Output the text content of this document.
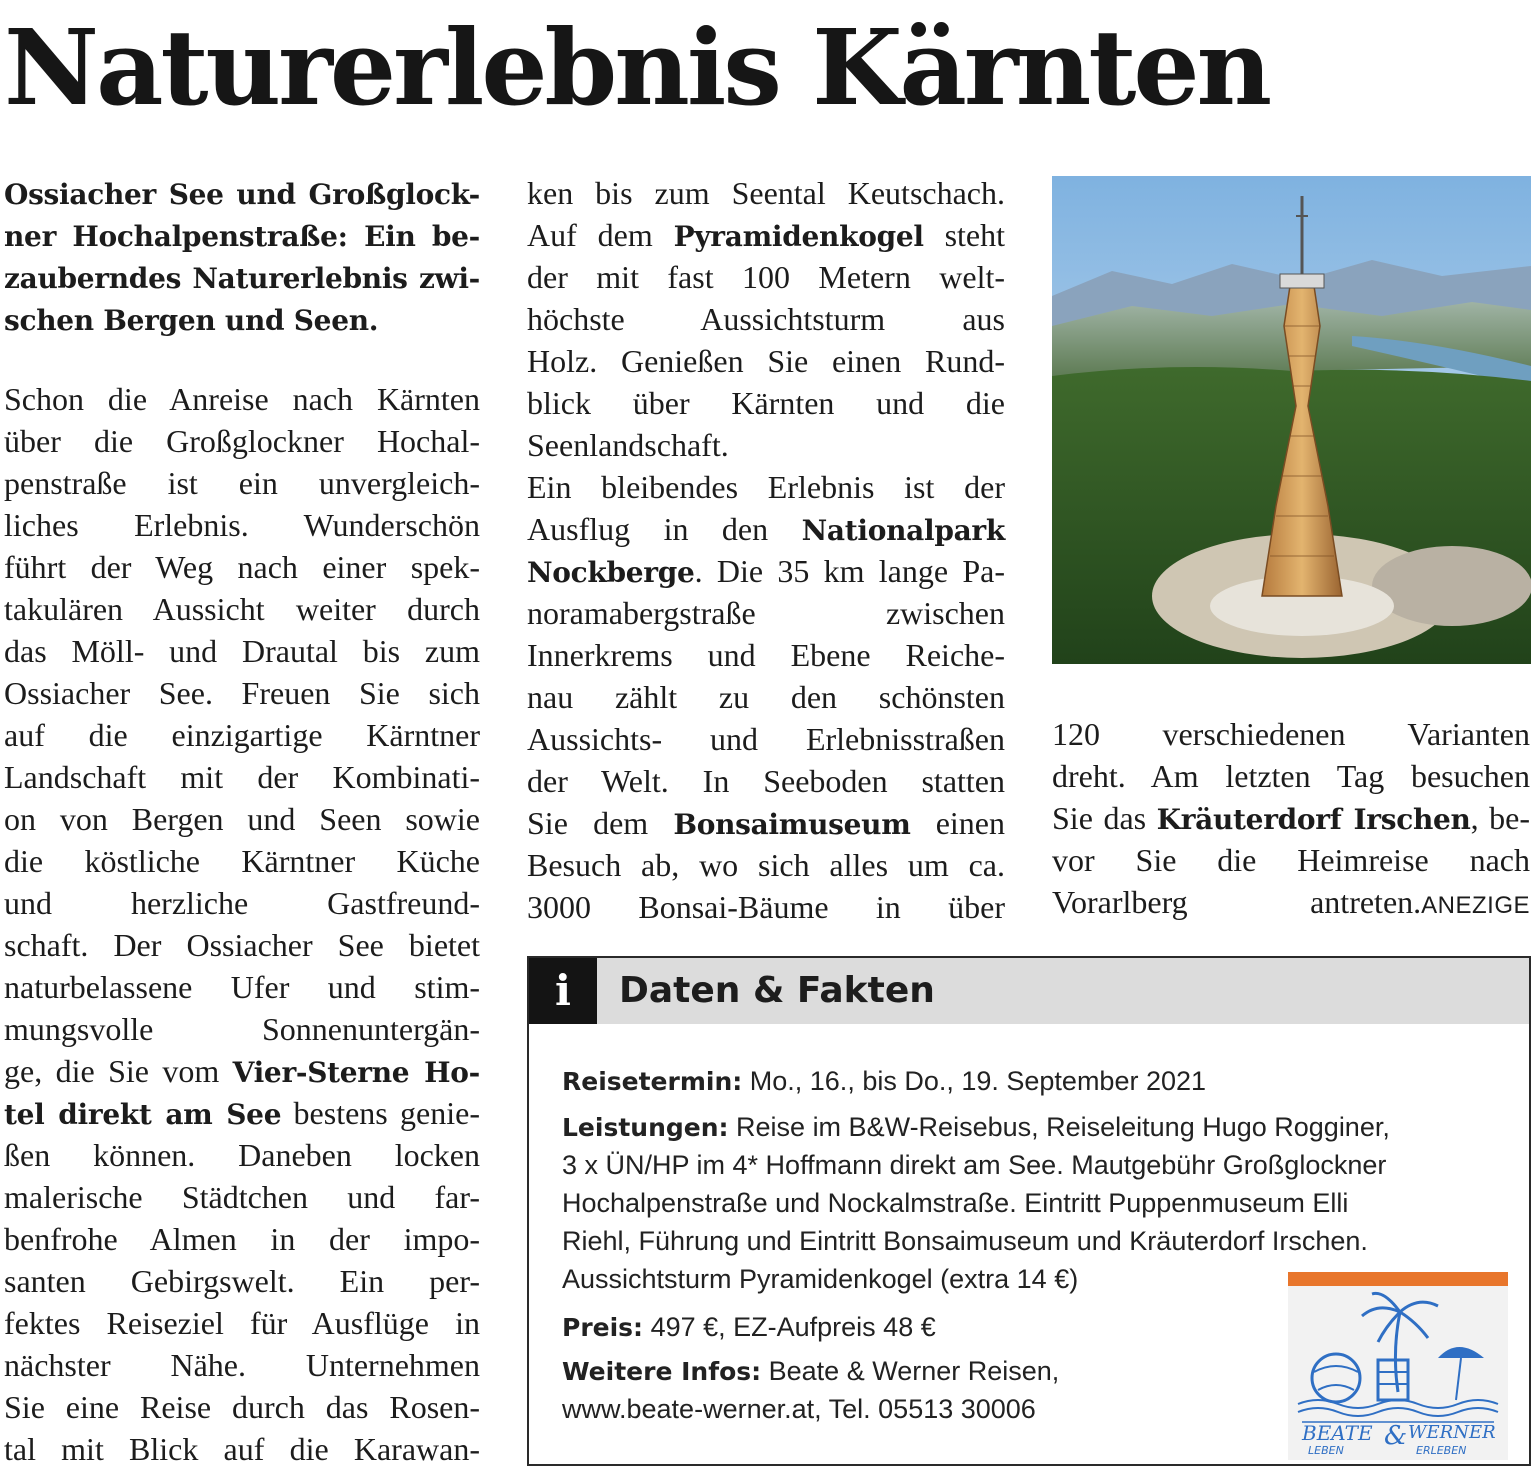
Naturerlebnis Kärnten
Ossiacher See und Großglock-
ner Hochalpenstraße: Ein be-
zauberndes Naturerlebnis zwi-
schen Bergen und Seen.
Schon die Anreise nach Kärnten
über die Großglockner Hochal-
penstraße ist ein unvergleich-
liches Erlebnis. Wunderschön
führt der Weg nach einer spek-
takulären Aussicht weiter durch
das Möll- und Drautal bis zum
Ossiacher See. Freuen Sie sich
auf die einzigartige Kärntner
Landschaft mit der Kombinati-
on von Bergen und Seen sowie
die köstliche Kärntner Küche
und herzliche Gastfreund-
schaft. Der Ossiacher See bietet
naturbelassene Ufer und stim-
mungsvolle Sonnenuntergän-
ge, die Sie vom Vier-Sterne Ho-
tel direkt am See bestens genie-
ßen können. Daneben locken
malerische Städtchen und far-
benfrohe Almen in der impo-
santen Gebirgswelt. Ein per-
fektes Reiseziel für Ausflüge in
nächster Nähe. Unternehmen
Sie eine Reise durch das Rosen-
tal mit Blick auf die Karawan-
ken bis zum Seental Keutschach.
Auf dem Pyramidenkogel steht
der mit fast 100 Metern welt-
höchste Aussichtsturm aus
Holz. Genießen Sie einen Rund-
blick über Kärnten und die
Seenlandschaft.
Ein bleibendes Erlebnis ist der
Ausflug in den Nationalpark
Nockberge. Die 35 km lange Pa-
noramabergstraße zwischen
Innerkrems und Ebene Reiche-
nau zählt zu den schönsten
Aussichts- und Erlebnisstraßen
der Welt. In Seeboden statten
Sie dem Bonsaimuseum einen
Besuch ab, wo sich alles um ca.
3000 Bonsai-Bäume in über
120 verschiedenen Varianten
dreht. Am letzten Tag besuchen
Sie das Kräuterdorf Irschen, be-
vor Sie die Heimreise nach
Vorarlberg antreten.ANEZIGE
i	Daten & Fakten
Reisetermin: Mo., 16., bis Do., 19. September 2021
Leistungen: Reise im B&W-Reisebus, Reiseleitung Hugo Rogginer,
3 x ÜN/HP im 4* Hoffmann direkt am See. Mautgebühr Großglockner
Hochalpenstraße und Nockalmstraße. Eintritt Puppenmuseum Elli
Riehl, Führung und Eintritt Bonsaimuseum und Kräuterdorf Irschen.
Aussichtsturm Pyramidenkogel (extra 14 €)
Preis: 497 €, EZ-Aufpreis 48 €
Weitere Infos: Beate & Werner Reisen,
www.beate-werner.at, Tel. 05513 30006
BEATE & WERNER
LEBEN	ERLEBEN
